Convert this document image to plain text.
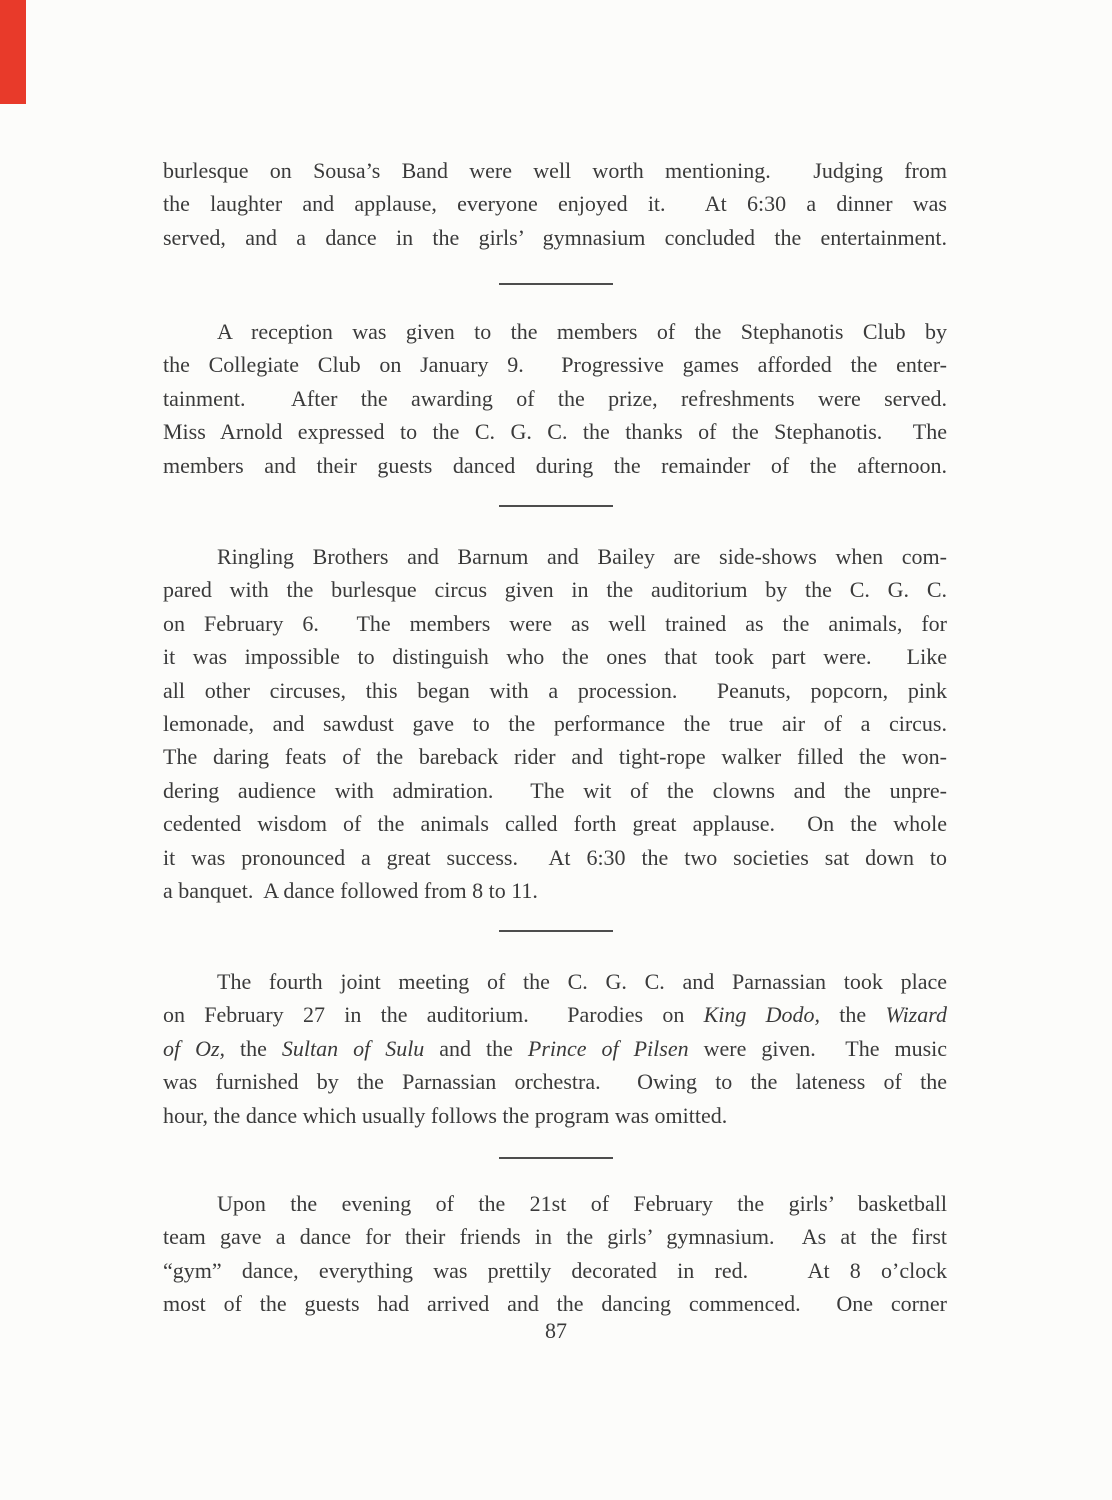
burlesque on Sousa’s Band were well worth mentioning.  Judging from
the laughter and applause, everyone enjoyed it.  At 6:30 a dinner was
served, and a dance in the girls’ gymnasium concluded the entertainment.
A reception was given to the members of the Stephanotis Club by
the Collegiate Club on January 9.  Progressive games afforded the enter-
tainment.  After the awarding of the prize, refreshments were served.
Miss Arnold expressed to the C. G. C. the thanks of the Stephanotis.  The
members and their guests danced during the remainder of the afternoon.
Ringling Brothers and Barnum and Bailey are side-shows when com-
pared with the burlesque circus given in the auditorium by the C. G. C.
on February 6.  The members were as well trained as the animals, for
it was impossible to distinguish who the ones that took part were.  Like
all other circuses, this began with a procession.  Peanuts, popcorn, pink
lemonade, and sawdust gave to the performance the true air of a circus.
The daring feats of the bareback rider and tight-rope walker filled the won-
dering audience with admiration.  The wit of the clowns and the unpre-
cedented wisdom of the animals called forth great applause.  On the whole
it was pronounced a great success.  At 6:30 the two societies sat down to
a banquet.  A dance followed from 8 to 11.
The fourth joint meeting of the C. G. C. and Parnassian took place
on February 27 in the auditorium.  Parodies on King Dodo, the Wizard
of Oz, the Sultan of Sulu and the Prince of Pilsen were given.  The music
was furnished by the Parnassian orchestra.  Owing to the lateness of the
hour, the dance which usually follows the program was omitted.
Upon the evening of the 21st of February the girls’ basketball
team gave a dance for their friends in the girls’ gymnasium.  As at the first
“gym” dance, everything was prettily decorated in red.   At 8 o’clock
most of the guests had arrived and the dancing commenced.  One corner
87
